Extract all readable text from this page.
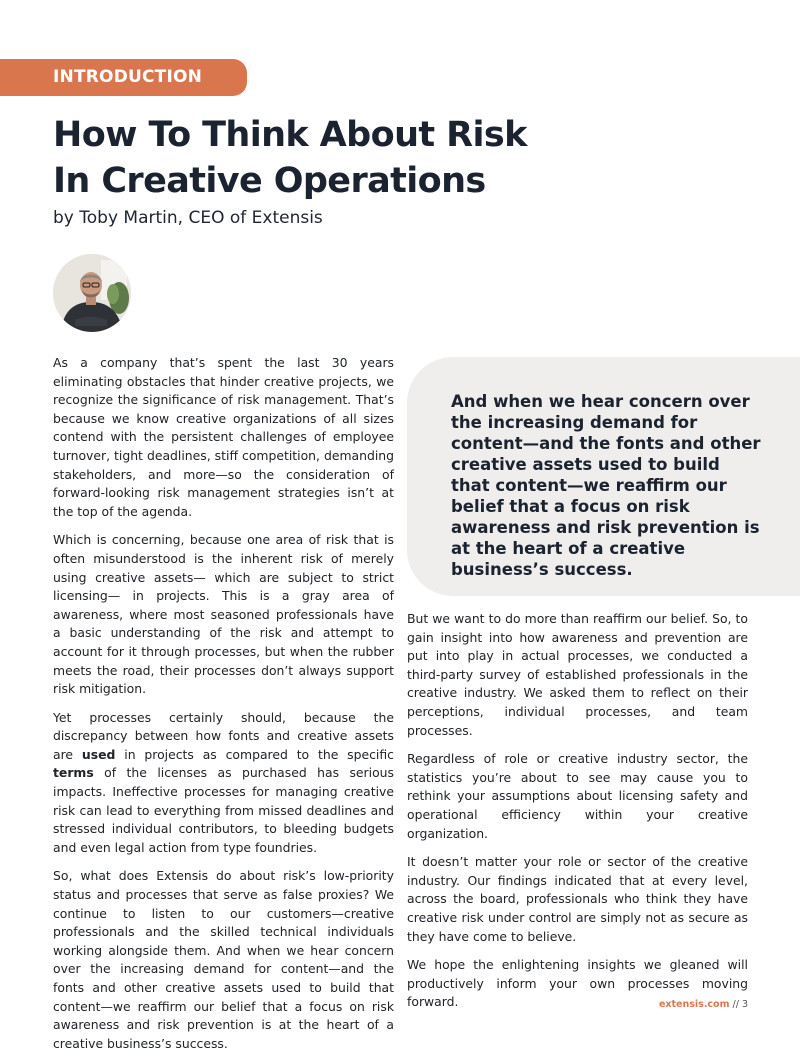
INTRODUCTION
How To Think About Risk
In Creative Operations
by Toby Martin, CEO of Extensis

As a company that’s spent the last 30 years eliminating obstacles that hinder creative projects, we recognize the significance of risk management. That’s because we know creative organizations of all sizes contend with the persistent challenges of employee turnover, tight deadlines, stiff competition, demanding stakeholders, and more—so the consideration of forward-looking risk management strategies isn’t at the top of the agenda.

Which is concerning, because one area of risk that is often misunderstood is the inherent risk of merely using creative assets— which are subject to strict licensing— in projects. This is a gray area of awareness, where most seasoned professionals have a basic understanding of the risk and attempt to account for it through processes, but when the rubber meets the road, their processes don’t always support risk mitigation.

Yet processes certainly should, because the discrepancy between how fonts and creative assets are used in projects as compared to the specific terms of the licenses as purchased has serious impacts. Ineffective processes for managing creative risk can lead to everything from missed deadlines and stressed individual contributors, to bleeding budgets and even legal action from type foundries.

So, what does Extensis do about risk’s low-priority status and processes that serve as false proxies? We continue to listen to our customers—creative professionals and the skilled technical individuals working alongside them. And when we hear concern over the increasing demand for content—and the fonts and other creative assets used to build that content—we reaffirm our belief that a focus on risk awareness and risk prevention is at the heart of a creative business’s success.

And when we hear concern over the increasing demand for content—and the fonts and other creative assets used to build that content—we reaffirm our belief that a focus on risk awareness and risk prevention is at the heart of a creative business’s success.

But we want to do more than reaffirm our belief. So, to gain insight into how awareness and prevention are put into play in actual processes, we conducted a third-party survey of established professionals in the creative industry. We asked them to reflect on their perceptions, individual processes, and team processes.

Regardless of role or creative industry sector, the statistics you’re about to see may cause you to rethink your assumptions about licensing safety and operational efficiency within your creative organization.

It doesn’t matter your role or sector of the creative industry. Our findings indicated that at every level, across the board, professionals who think they have creative risk under control are simply not as secure as they have come to believe.

We hope the enlightening insights we gleaned will productively inform your own processes moving forward.	extensis.com // 3
